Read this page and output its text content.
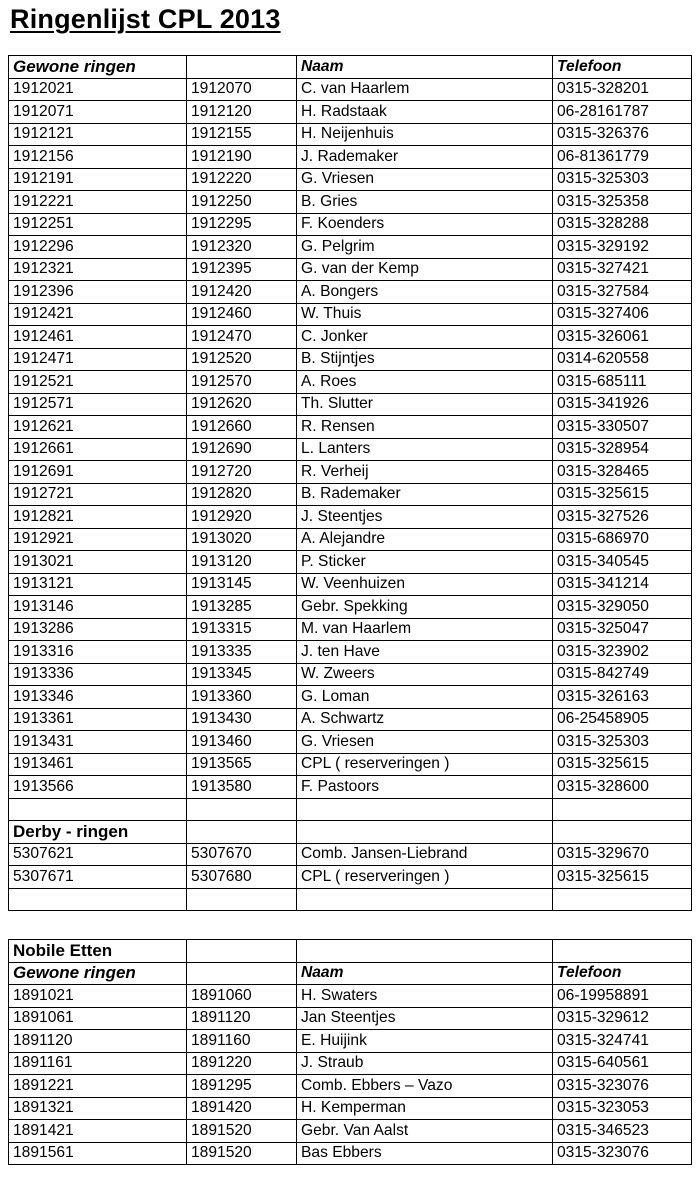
Ringenlijst CPL 2013
Gewone ringen		Naam	Telefoon
1912021	1912070	C. van Haarlem	0315-328201
1912071	1912120	H. Radstaak	06-28161787
1912121	1912155	H. Neijenhuis	0315-326376
1912156	1912190	J. Rademaker	06-81361779
1912191	1912220	G. Vriesen	0315-325303
1912221	1912250	B. Gries	0315-325358
1912251	1912295	F. Koenders	0315-328288
1912296	1912320	G. Pelgrim	0315-329192
1912321	1912395	G. van der Kemp	0315-327421
1912396	1912420	A. Bongers	0315-327584
1912421	1912460	W. Thuis	0315-327406
1912461	1912470	C. Jonker	0315-326061
1912471	1912520	B. Stijntjes	0314-620558
1912521	1912570	A. Roes	0315-685111
1912571	1912620	Th. Slutter	0315-341926
1912621	1912660	R. Rensen	0315-330507
1912661	1912690	L. Lanters	0315-328954
1912691	1912720	R. Verheij	0315-328465
1912721	1912820	B. Rademaker	0315-325615
1912821	1912920	J. Steentjes	0315-327526
1912921	1913020	A. Alejandre	0315-686970
1913021	1913120	P. Sticker	0315-340545
1913121	1913145	W. Veenhuizen	0315-341214
1913146	1913285	Gebr. Spekking	0315-329050
1913286	1913315	M. van Haarlem	0315-325047
1913316	1913335	J. ten Have	0315-323902
1913336	1913345	W. Zweers	0315-842749
1913346	1913360	G. Loman	0315-326163
1913361	1913430	A. Schwartz	06-25458905
1913431	1913460	G. Vriesen	0315-325303
1913461	1913565	CPL ( reserveringen )	0315-325615
1913566	1913580	F. Pastoors	0315-328600

Derby - ringen			
5307621	5307670	Comb. Jansen-Liebrand	0315-329670
5307671	5307680	CPL ( reserveringen )	0315-325615

Nobile Etten			
Gewone ringen		Naam	Telefoon
1891021	1891060	H. Swaters	06-19958891
1891061	1891120	Jan Steentjes	0315-329612
1891120	1891160	E. Huijink	0315-324741
1891161	1891220	J. Straub	0315-640561
1891221	1891295	Comb. Ebbers – Vazo	0315-323076
1891321	1891420	H. Kemperman	0315-323053
1891421	1891520	Gebr. Van Aalst	0315-346523
1891561	1891520	Bas Ebbers	0315-323076
